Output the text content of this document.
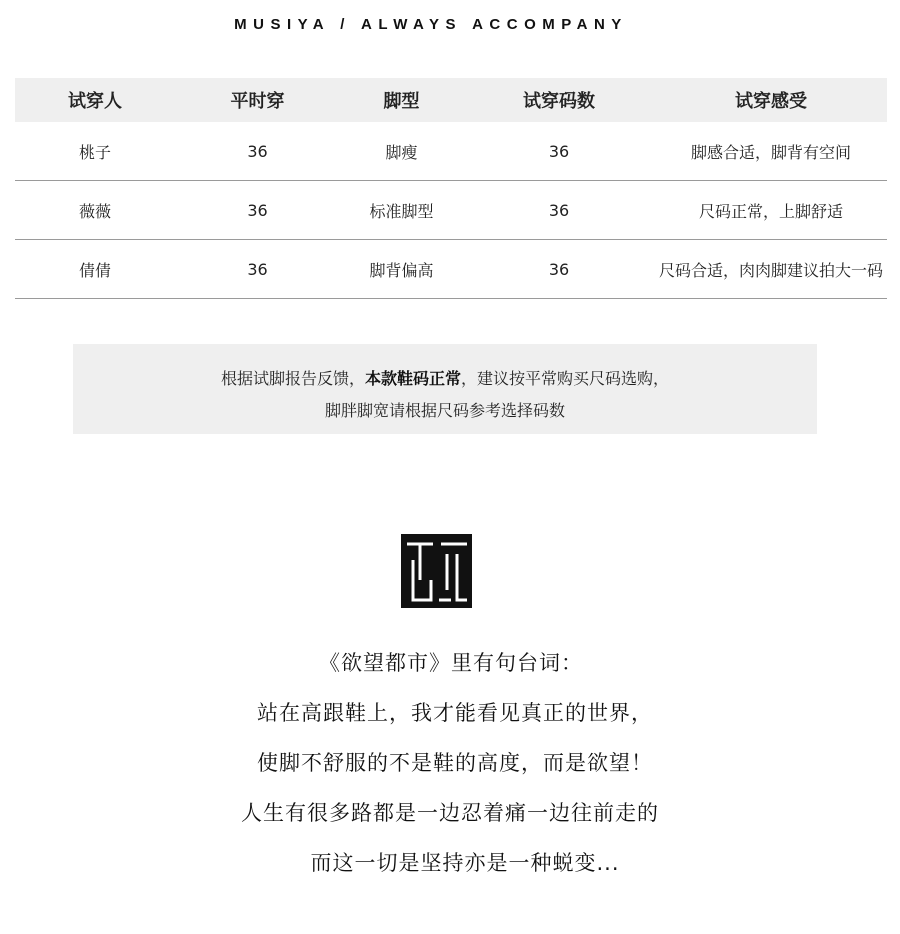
MUSIYA / ALWAYS ACCOMPANY
试穿人	平时穿	脚型	试穿码数	试穿感受
桃子	36	脚瘦	36	脚感合适，脚背有空间
薇薇	36	标准脚型	36	尺码正常，上脚舒适
倩倩	36	脚背偏高	36	尺码合适，肉肉脚建议拍大一码
根据试脚报告反馈，本款鞋码正常，建议按平常购买尺码选购，
脚胖脚宽请根据尺码参考选择码数

《欲望都市》里有句台词：

站在高跟鞋上，我才能看见真正的世界，

使脚不舒服的不是鞋的高度，而是欲望！

人生有很多路都是一边忍着痛一边往前走的

而这一切是坚持亦是一种蜕变...
